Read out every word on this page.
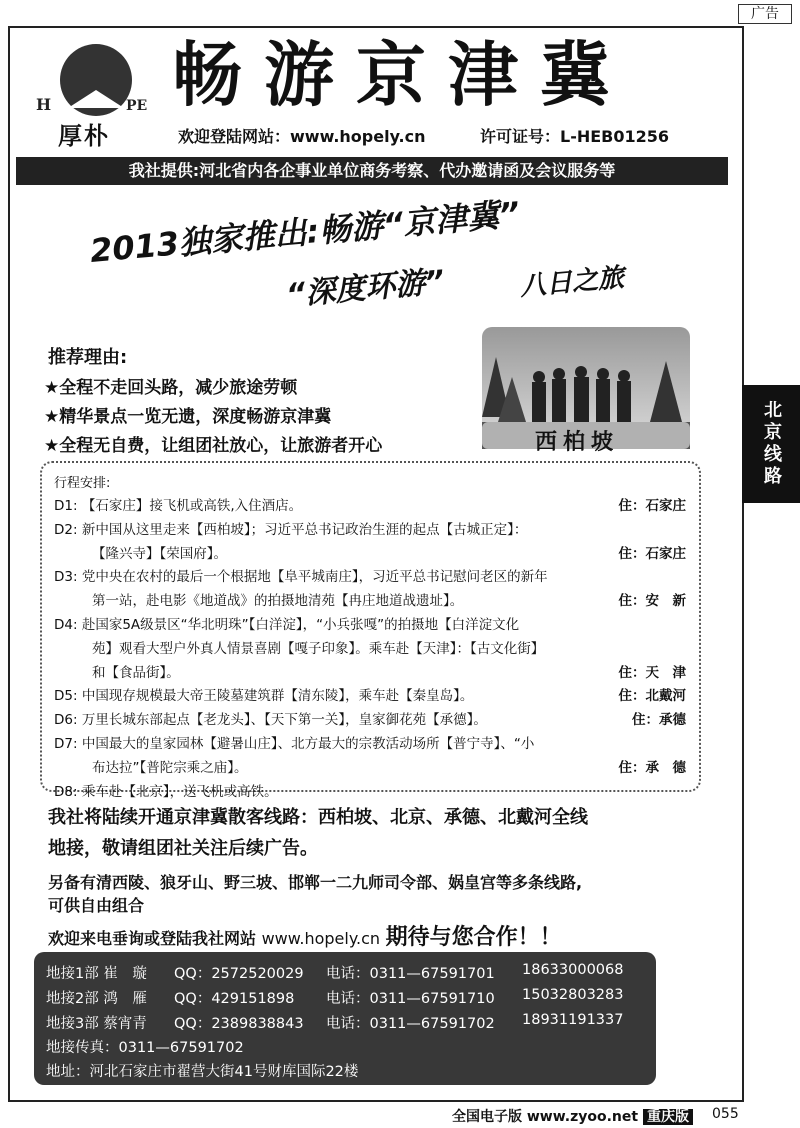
广告
H	PE
厚朴
畅游京津冀
欢迎登陆网站：www.hopely.cn	许可证号：L-HEB01256
我社提供:河北省内各企事业单位商务考察、代办邀请函及会议服务等
2013独家推出:畅游“京津冀”
“深度环游”	八日之旅
推荐理由:
★全程不走回头路，减少旅途劳顿
★精华景点一览无遗，深度畅游京津冀
★全程无自费，让组团社放心，让旅游者开心	西柏坡	北京线路
行程安排:
D1: 【石家庄】接飞机或高铁,入住酒店。	住：石家庄
D2: 新中国从这里走来【西柏坡】；习近平总书记政治生涯的起点【古城正定】：
【隆兴寺】【荣国府】。	住：石家庄
D3: 党中央在农村的最后一个根据地【阜平城南庄】，习近平总书记慰问老区的新年
第一站，赴电影《地道战》的拍摄地清苑【冉庄地道战遗址】。	住：安　新
D4: 赴国家5A级景区“华北明珠”【白洋淀】，“小兵张嘎”的拍摄地【白洋淀文化
苑】观看大型户外真人情景喜剧【嘎子印象】。乘车赴【天津】：【古文化街】
和【食品街】。	住：天　津
D5: 中国现存规模最大帝王陵墓建筑群【清东陵】，乘车赴【秦皇岛】。	住：北戴河
D6: 万里长城东部起点【老龙头】、【天下第一关】，皇家御花苑【承德】。	住：承德
D7: 中国最大的皇家园林【避暑山庄】、北方最大的宗教活动场所【普宁寺】、“小
布达拉”【普陀宗乘之庙】。	住：承　德
D8: 乘车赴【北京】，送飞机或高铁。
我社将陆续开通京津冀散客线路：西柏坡、北京、承德、北戴河全线
地接，敬请组团社关注后续广告。
另备有清西陵、狼牙山、野三坡、邯郸一二九师司令部、娲皇宫等多条线路,
可供自由组合
欢迎来电垂询或登陆我社网站 www.hopely.cn 期待与您合作！！
地接1部 崔　璇 QQ：2572520029 电话：0311—67591701 18633000068
地接2部 鸿　雁 QQ：429151898 电话：0311—67591710 15032803283
地接3部 蔡宵青 QQ：2389838843 电话：0311—67591702 18931191337
地接传真：0311—67591702
地址：河北石家庄市翟营大街41号财库国际22楼
全国电子版 www.zyoo.net 重庆版 055
